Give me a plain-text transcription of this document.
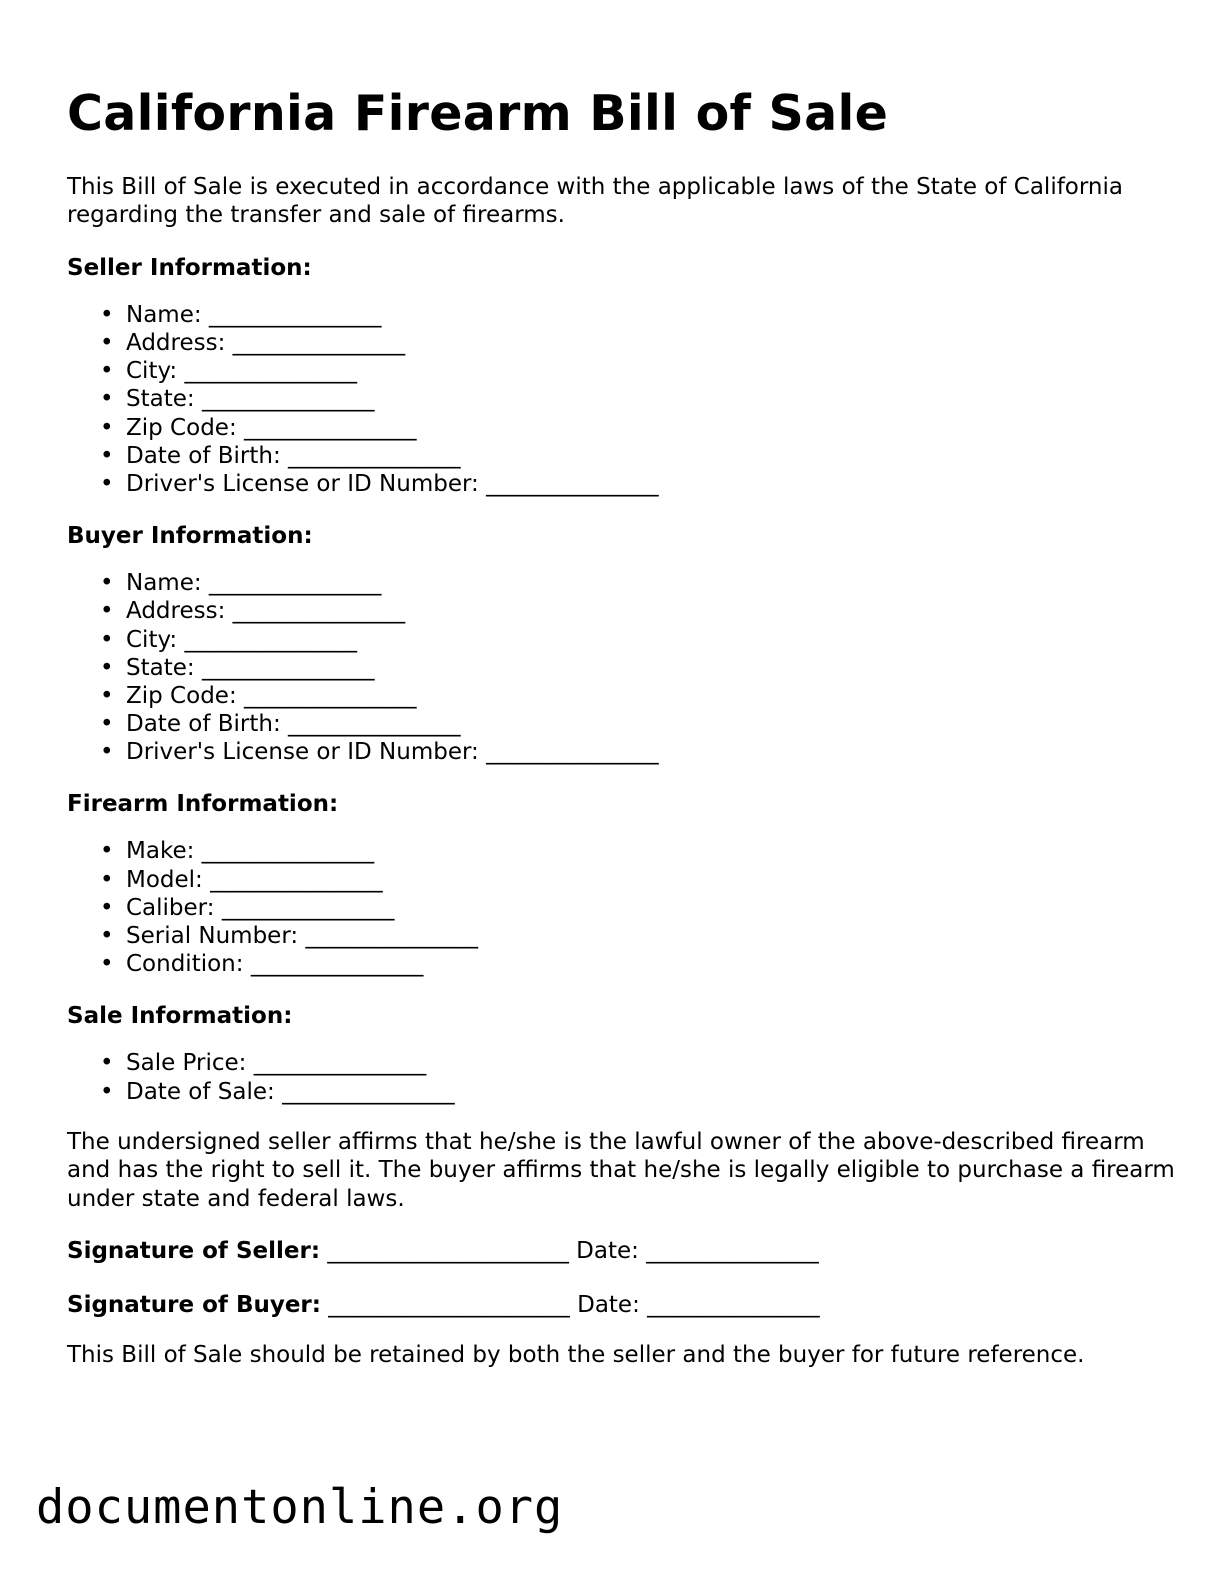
California Firearm Bill of Sale

This Bill of Sale is executed in accordance with the applicable laws of the State of California regarding the transfer and sale of firearms.

Seller Information:
• Name: _______________
• Address: _______________
• City: _______________
• State: _______________
• Zip Code: _______________
• Date of Birth: _______________
• Driver's License or ID Number: _______________
Buyer Information:
• Name: _______________
• Address: _______________
• City: _______________
• State: _______________
• Zip Code: _______________
• Date of Birth: _______________
• Driver's License or ID Number: _______________
Firearm Information:
• Make: _______________
• Model: _______________
• Caliber: _______________
• Serial Number: _______________
• Condition: _______________
Sale Information:
• Sale Price: _______________
• Date of Sale: _______________

The undersigned seller affirms that he/she is the lawful owner of the above-described firearm and has the right to sell it. The buyer affirms that he/she is legally eligible to purchase a firearm under state and federal laws.

Signature of Seller: _____________________ Date: _______________
Signature of Buyer: _____________________ Date: _______________

This Bill of Sale should be retained by both the seller and the buyer for future reference.

documentonline.org
